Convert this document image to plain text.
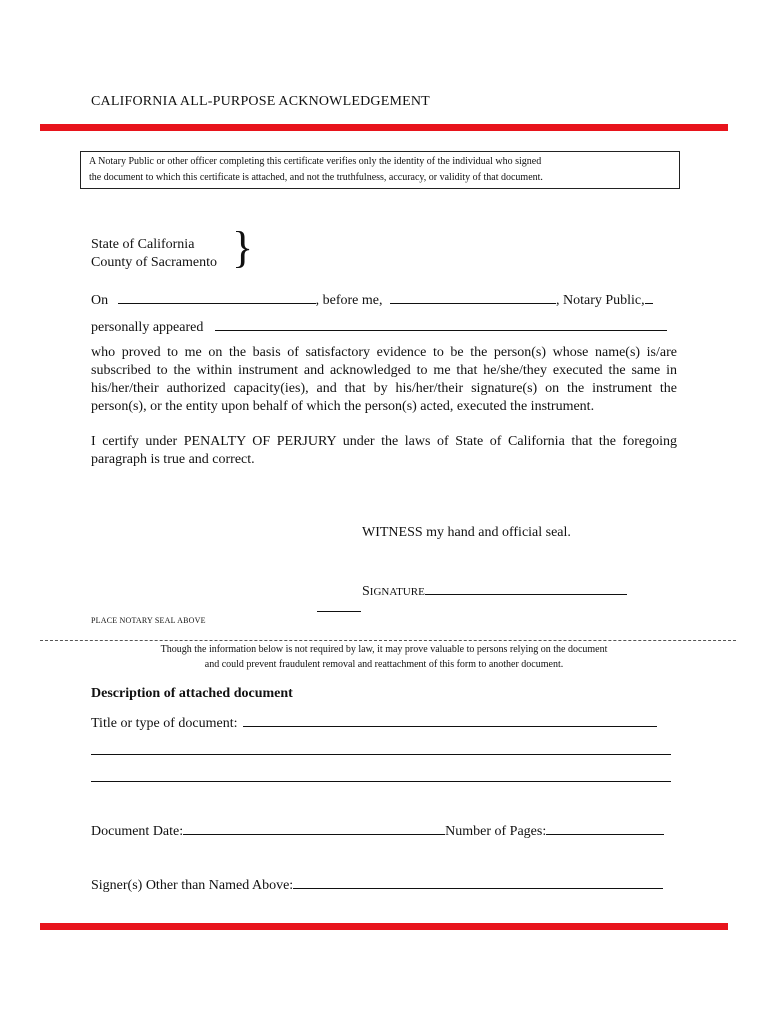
CALIFORNIA ALL-PURPOSE ACKNOWLEDGEMENT
A Notary Public or other officer completing this certificate verifies only the identity of the individual who signed
the document to which this certificate is attached, and not the truthfulness, accuracy, or validity of that document.
State of California
County of Sacramento }
On	, before me,	, Notary Public,
personally appeared
who proved to me on the basis of satisfactory evidence to be the person(s) whose name(s) is/are subscribed to the within instrument and acknowledged to me that he/she/they executed the same in his/her/their authorized capacity(ies), and that by his/her/their signature(s) on the instrument the person(s), or the entity upon behalf of which the person(s) acted, executed the instrument.
I certify under PENALTY OF PERJURY under the laws of State of California that the foregoing paragraph is true and correct.
WITNESS my hand and official seal.
SIGNATURE
PLACE NOTARY SEAL ABOVE
Though the information below is not required by law, it may prove valuable to persons relying on the document
and could prevent fraudulent removal and reattachment of this form to another document.
Description of attached document
Title or type of document:
Document Date:	Number of Pages:
Signer(s) Other than Named Above:
